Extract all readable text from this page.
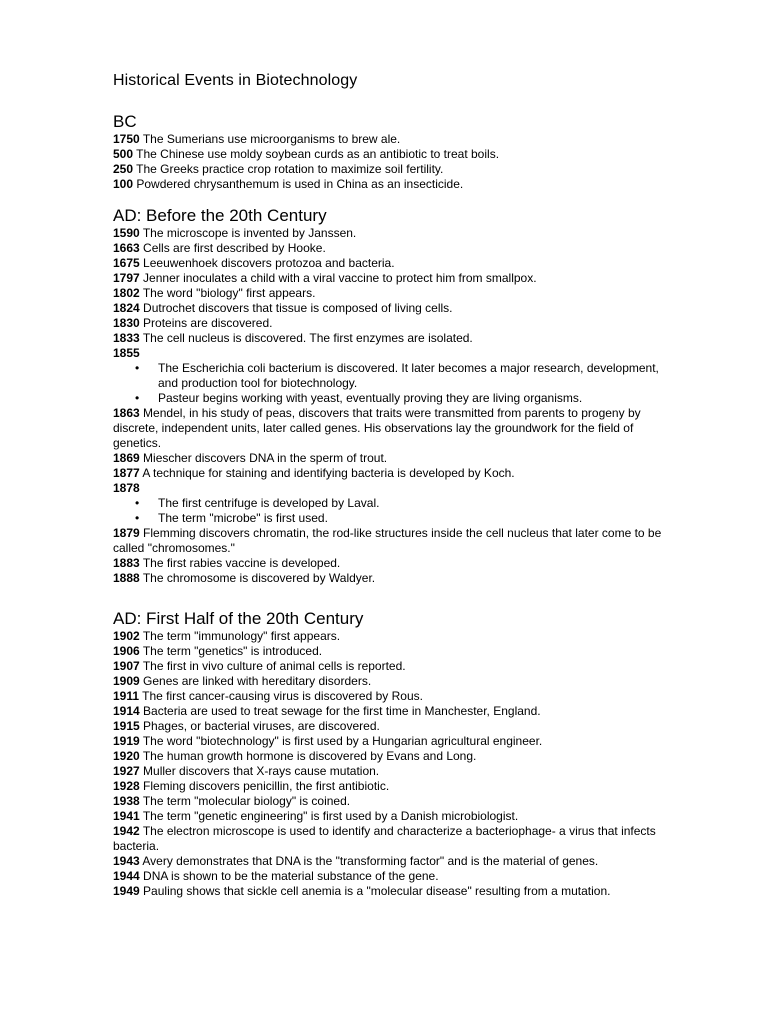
Historical Events in Biotechnology
BC

1750 The Sumerians use microorganisms to brew ale.

500 The Chinese use moldy soybean curds as an antibiotic to treat boils.

250 The Greeks practice crop rotation to maximize soil fertility.

100 Powdered chrysanthemum is used in China as an insecticide.

AD: Before the 20th Century

1590 The microscope is invented by Janssen.

1663 Cells are first described by Hooke.

1675 Leeuwenhoek discovers protozoa and bacteria.

1797 Jenner inoculates a child with a viral vaccine to protect him from smallpox.

1802 The word "biology" first appears.

1824 Dutrochet discovers that tissue is composed of living cells.

1830 Proteins are discovered.

1833 The cell nucleus is discovered. The first enzymes are isolated.

1855

• The Escherichia coli bacterium is discovered. It later becomes a major research, development, and production tool for biotechnology.
• Pasteur begins working with yeast, eventually proving they are living organisms.

1863 Mendel, in his study of peas, discovers that traits were transmitted from parents to progeny by discrete, independent units, later called genes. His observations lay the groundwork for the field of genetics.

1869 Miescher discovers DNA in the sperm of trout.

1877 A technique for staining and identifying bacteria is developed by Koch.

1878

• The first centrifuge is developed by Laval.
• The term "microbe" is first used.

1879 Flemming discovers chromatin, the rod-like structures inside the cell nucleus that later come to be called "chromosomes."

1883 The first rabies vaccine is developed.

1888 The chromosome is discovered by Waldyer.

AD: First Half of the 20th Century

1902 The term "immunology" first appears.

1906 The term "genetics" is introduced.

1907 The first in vivo culture of animal cells is reported.

1909 Genes are linked with hereditary disorders.

1911 The first cancer-causing virus is discovered by Rous.

1914 Bacteria are used to treat sewage for the first time in Manchester, England.

1915 Phages, or bacterial viruses, are discovered.

1919 The word "biotechnology" is first used by a Hungarian agricultural engineer.

1920 The human growth hormone is discovered by Evans and Long.

1927 Muller discovers that X-rays cause mutation.

1928 Fleming discovers penicillin, the first antibiotic.

1938 The term "molecular biology" is coined.

1941 The term "genetic engineering" is first used by a Danish microbiologist.

1942 The electron microscope is used to identify and characterize a bacteriophage- a virus that infects bacteria.

1943 Avery demonstrates that DNA is the "transforming factor" and is the material of genes.

1944 DNA is shown to be the material substance of the gene.

1949 Pauling shows that sickle cell anemia is a "molecular disease" resulting from a mutation.
